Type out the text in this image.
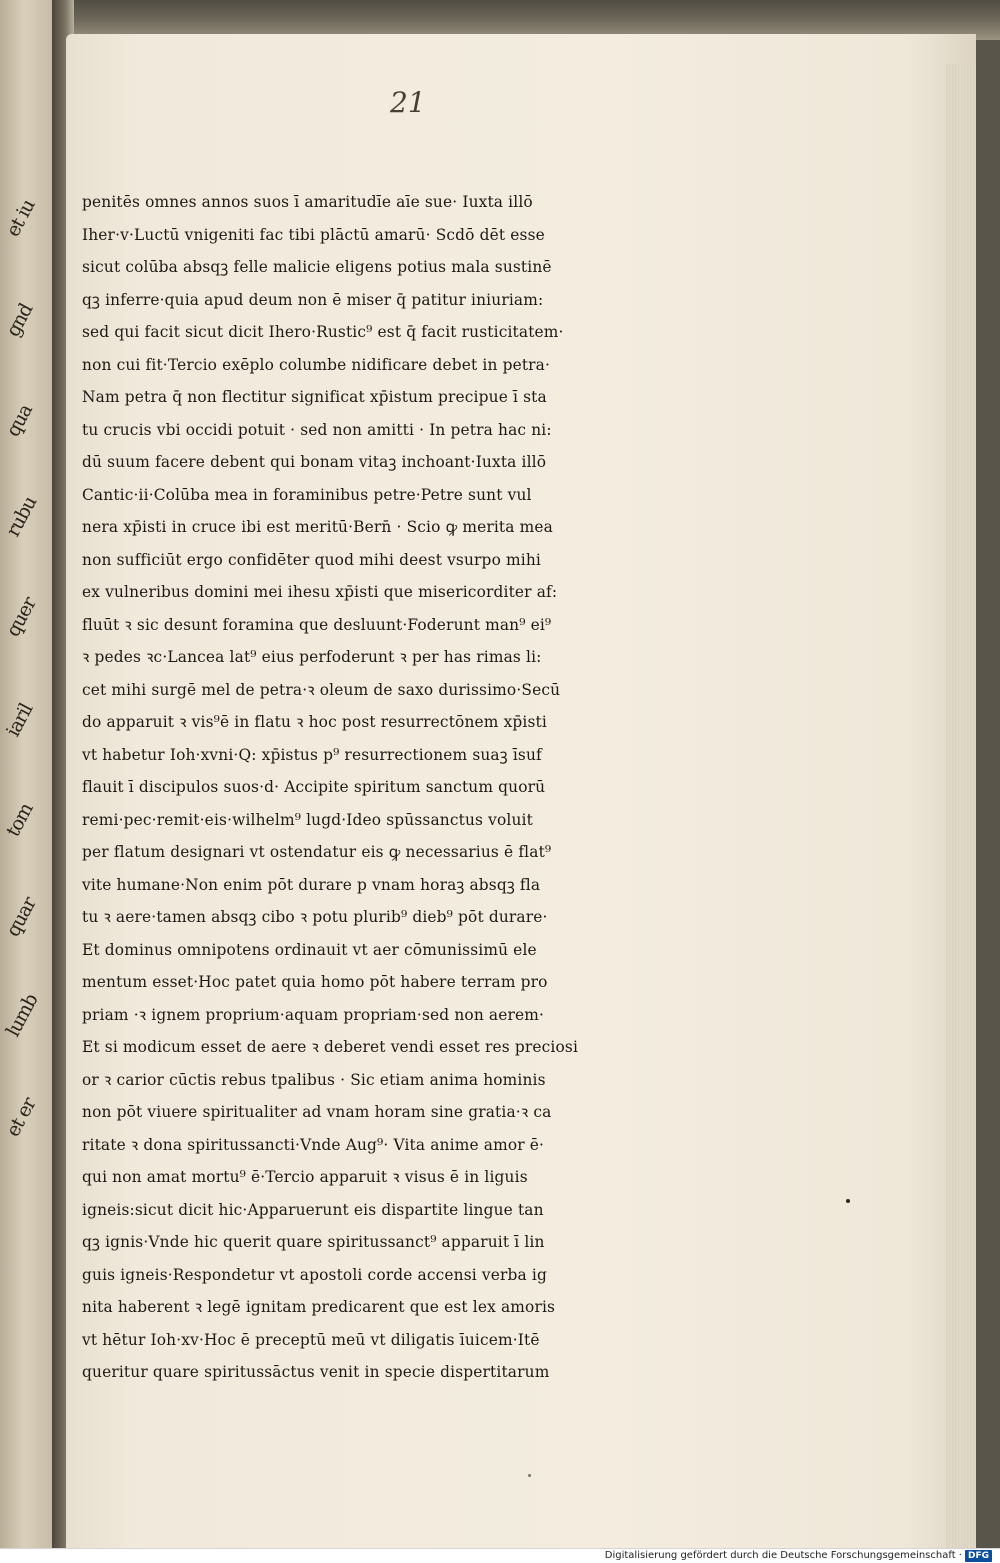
et iu
gnd
qua
rubu
quer
iaril
tom
quar
lumb
et er
21
penitēs omnes annos suos ī amaritudīe aīe sue· Iuxta illō
Iher·v·Luctū vnigeniti fac tibi plāctū amarū· Scdō dēt esse
sicut colūba absqꝫ felle malicie eligens potius mala sustinē
qꝫ inferre·quia apud deum non ē miser q̄ patitur iniuriam:
sed qui facit sicut dicit Ihero·Rustic⁹ est q̄ facit rusticitatem·
non cui fit·Tercio exēplo columbe nidificare debet in petra·
Nam petra q̄ non flectitur significat xp̄istum precipue ī sta
tu crucis vbi occidi potuit · sed non amitti · In petra hac ni:
dū suum facere debent qui bonam vitaꝫ inchoant·Iuxta illō
Cantic·ii·Colūba mea in foraminibus petre·Petre sunt vul
nera xp̄isti in cruce ibi est meritū·Bern̄ · Scio ꝙ merita mea
non sufficiūt ergo confidēter quod mihi deest vsurpo mihi
ex vulneribus domini mei ihesu xp̄isti que misericorditer af:
fluūt ꝛ sic desunt foramina que desluunt·Foderunt man⁹ ei⁹
ꝛ pedes ꝛc·Lancea lat⁹ eius perfoderunt ꝛ per has rimas li:
cet mihi surgē mel de petra·ꝛ oleum de saxo durissimo·Secū
do apparuit ꝛ vis⁹ē in flatu ꝛ hoc post resurrectōnem xp̄isti
vt habetur Ioh·xvni·Q: xp̄istus p⁹ resurrectionem suaꝫ īsuf
flauit ī discipulos suos·d· Accipite spiritum sanctum quorū
remi·pec·remit·eis·wilhelm⁹ lugd·Ideo spūssanctus voluit
per flatum designari vt ostendatur eis ꝙ necessarius ē flat⁹
vite humane·Non enim pōt durare p vnam horaꝫ absqꝫ fla
tu ꝛ aere·tamen absqꝫ cibo ꝛ potu plurib⁹ dieb⁹ pōt durare·
Et dominus omnipotens ordinauit vt aer cōmunissimū ele
mentum esset·Hoc patet quia homo pōt habere terram pro
priam ·ꝛ ignem proprium·aquam propriam·sed non aerem·
Et si modicum esset de aere ꝛ deberet vendi esset res preciosi
or ꝛ carior cūctis rebus tpalibus · Sic etiam anima hominis
non pōt viuere spiritualiter ad vnam horam sine gratia·ꝛ ca
ritate ꝛ dona spiritussancti·Vnde Aug⁹· Vita anime amor ē·
qui non amat mortu⁹ ē·Tercio apparuit ꝛ visus ē in liguis
igneis:sicut dicit hic·Apparuerunt eis dispartite lingue tan
qꝫ ignis·Vnde hic querit quare spiritussanct⁹ apparuit ī lin
guis igneis·Respondetur vt apostoli corde accensi verba ig
nita haberent ꝛ legē ignitam predicarent que est lex amoris
vt hētur Ioh·xv·Hoc ē preceptū meū vt diligatis īuicem·Itē
queritur quare spiritussāctus venit in specie dispertitarum
Digitalisierung gefördert durch die Deutsche Forschungsgemeinschaft · DFG
